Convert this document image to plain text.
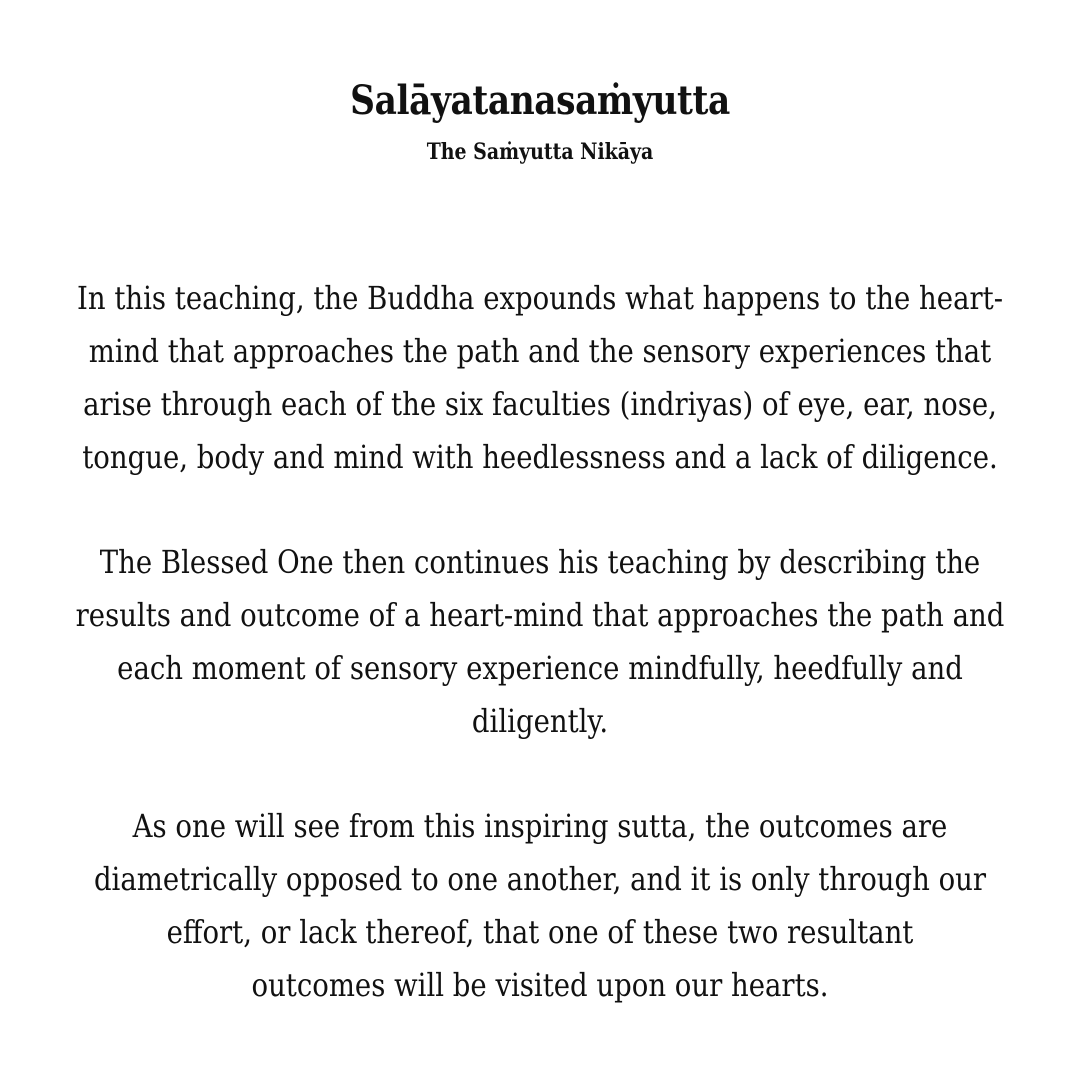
Salāyatanasaṁyutta
The Saṁyutta Nikāya
In this teaching, the Buddha expounds what happens to the heart-
mind that approaches the path and the sensory experiences that
arise through each of the six faculties (indriyas) of eye, ear, nose,
tongue, body and mind with heedlessness and a lack of diligence.
The Blessed One then continues his teaching by describing the
results and outcome of a heart-mind that approaches the path and
each moment of sensory experience mindfully, heedfully and
diligently.
As one will see from this inspiring sutta, the outcomes are
diametrically opposed to one another, and it is only through our
effort, or lack thereof, that one of these two resultant
outcomes will be visited upon our hearts.
